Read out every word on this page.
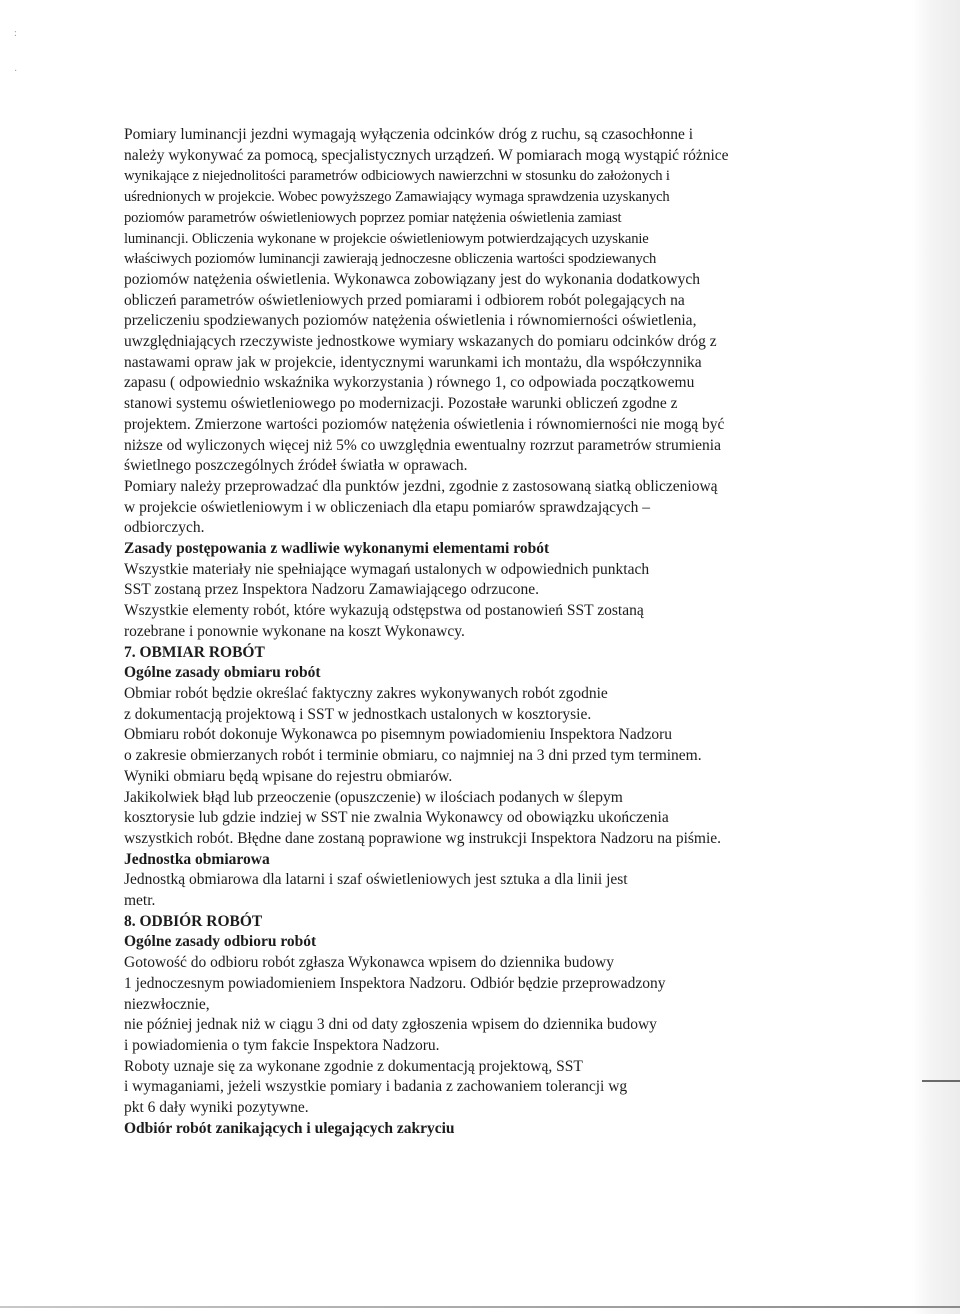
:
·
Pomiary luminancji jezdni wymagają wyłączenia odcinków dróg z ruchu, są czasochłonne i
należy wykonywać za pomocą, specjalistycznych urządzeń. W pomiarach mogą wystąpić różnice
wynikające z niejednolitości parametrów odbiciowych nawierzchni w stosunku do założonych i
uśrednionych w projekcie. Wobec powyższego Zamawiający wymaga sprawdzenia uzyskanych
poziomów parametrów oświetleniowych poprzez pomiar natężenia oświetlenia zamiast
luminancji. Obliczenia wykonane w projekcie oświetleniowym potwierdzających uzyskanie
właściwych poziomów luminancji zawierają jednoczesne obliczenia wartości spodziewanych
poziomów natężenia oświetlenia. Wykonawca zobowiązany jest do wykonania dodatkowych
obliczeń parametrów oświetleniowych przed pomiarami i odbiorem robót polegających na
przeliczeniu spodziewanych poziomów natężenia oświetlenia i równomierności oświetlenia,
uwzględniających rzeczywiste jednostkowe wymiary wskazanych do pomiaru odcinków dróg z
nastawami opraw jak w projekcie, identycznymi warunkami ich montażu, dla współczynnika
zapasu ( odpowiednio wskaźnika wykorzystania ) równego 1, co odpowiada początkowemu
stanowi systemu oświetleniowego po modernizacji. Pozostałe warunki obliczeń zgodne z
projektem. Zmierzone wartości poziomów natężenia oświetlenia i równomierności nie mogą być
niższe od wyliczonych więcej niż 5% co uwzględnia ewentualny rozrzut parametrów strumienia
świetlnego poszczególnych źródeł światła w oprawach.
Pomiary należy przeprowadzać dla punktów jezdni, zgodnie z zastosowaną siatką obliczeniową
w projekcie oświetleniowym i w obliczeniach dla etapu pomiarów sprawdzających –
odbiorczych.
Zasady postępowania z wadliwie wykonanymi elementami robót
Wszystkie materiały nie spełniające wymagań ustalonych w odpowiednich punktach
SST zostaną przez Inspektora Nadzoru Zamawiającego odrzucone.
Wszystkie elementy robót, które wykazują odstępstwa od postanowień SST zostaną
rozebrane i ponownie wykonane na koszt Wykonawcy.
7. OBMIAR ROBÓT
Ogólne zasady obmiaru robót
Obmiar robót będzie określać faktyczny zakres wykonywanych robót zgodnie
z dokumentacją projektową i SST w jednostkach ustalonych w kosztorysie.
Obmiaru robót dokonuje Wykonawca po pisemnym powiadomieniu Inspektora Nadzoru
o zakresie obmierzanych robót i terminie obmiaru, co najmniej na 3 dni przed tym terminem.
Wyniki obmiaru będą wpisane do rejestru obmiarów.
Jakikolwiek błąd lub przeoczenie (opuszczenie) w ilościach podanych w ślepym
kosztorysie lub gdzie indziej w SST nie zwalnia Wykonawcy od obowiązku ukończenia
wszystkich robót. Błędne dane zostaną poprawione wg instrukcji Inspektora Nadzoru na piśmie.
Jednostka obmiarowa
Jednostką obmiarowa dla latarni i szaf oświetleniowych jest sztuka a dla linii jest
metr.
8. ODBIÓR ROBÓT
Ogólne zasady odbioru robót
Gotowość do odbioru robót zgłasza Wykonawca wpisem do dziennika budowy
1 jednoczesnym powiadomieniem Inspektora Nadzoru. Odbiór będzie przeprowadzony
niezwłocznie,
nie później jednak niż w ciągu 3 dni od daty zgłoszenia wpisem do dziennika budowy
i powiadomienia o tym fakcie Inspektora Nadzoru.
Roboty uznaje się za wykonane zgodnie z dokumentacją projektową, SST
i wymaganiami, jeżeli wszystkie pomiary i badania z zachowaniem tolerancji wg
pkt 6 dały wyniki pozytywne.
Odbiór robót zanikających i ulegających zakryciu
